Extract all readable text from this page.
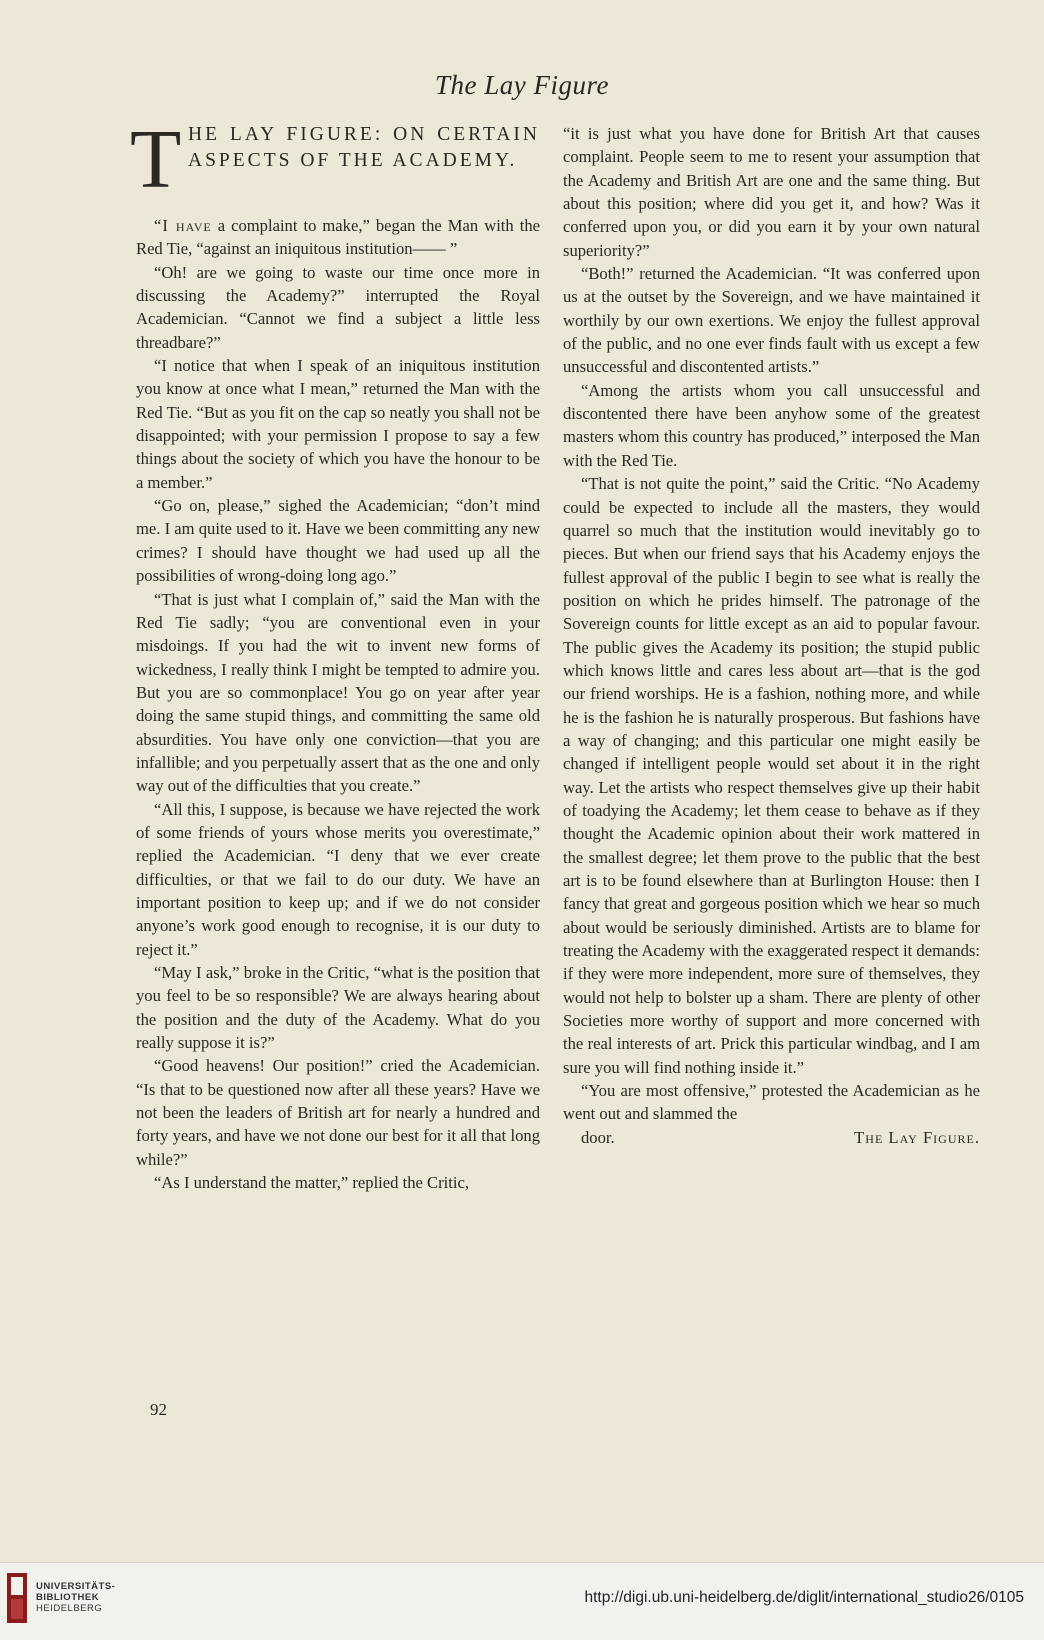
The Lay Figure
T HE LAY FIGURE: ON CERTAIN ASPECTS OF THE ACADEMY.

“I have a complaint to make,” began the Man with the Red Tie, “against an iniquitous institution—— ”

“Oh! are we going to waste our time once more in discussing the Academy?” interrupted the Royal Academician. “Cannot we find a subject a little less threadbare?”

“I notice that when I speak of an iniquitous institution you know at once what I mean,” returned the Man with the Red Tie. “But as you fit on the cap so neatly you shall not be disappointed; with your permission I propose to say a few things about the society of which you have the honour to be a member.”

“Go on, please,” sighed the Academician; “don’t mind me. I am quite used to it. Have we been committing any new crimes? I should have thought we had used up all the possibilities of wrong-doing long ago.”

“That is just what I complain of,” said the Man with the Red Tie sadly; “you are conventional even in your misdoings. If you had the wit to invent new forms of wickedness, I really think I might be tempted to admire you. But you are so commonplace! You go on year after year doing the same stupid things, and committing the same old absurdities. You have only one conviction—that you are infallible; and you perpetually assert that as the one and only way out of the difficulties that you create.”

“All this, I suppose, is because we have rejected the work of some friends of yours whose merits you overestimate,” replied the Academician. “I deny that we ever create difficulties, or that we fail to do our duty. We have an important position to keep up; and if we do not consider anyone’s work good enough to recognise, it is our duty to reject it.”

“May I ask,” broke in the Critic, “what is the position that you feel to be so responsible? We are always hearing about the position and the duty of the Academy. What do you really suppose it is?”

“Good heavens! Our position!” cried the Academician. “Is that to be questioned now after all these years? Have we not been the leaders of British art for nearly a hundred and forty years, and have we not done our best for it all that long while?”

“As I understand the matter,” replied the Critic,

“it is just what you have done for British Art that causes complaint. People seem to me to resent your assumption that the Academy and British Art are one and the same thing. But about this position; where did you get it, and how? Was it conferred upon you, or did you earn it by your own natural superiority?”

“Both!” returned the Academician. “It was conferred upon us at the outset by the Sovereign, and we have maintained it worthily by our own exertions. We enjoy the fullest approval of the public, and no one ever finds fault with us except a few unsuccessful and discontented artists.”

“Among the artists whom you call unsuccessful and discontented there have been anyhow some of the greatest masters whom this country has produced,” interposed the Man with the Red Tie.

“That is not quite the point,” said the Critic. “No Academy could be expected to include all the masters, they would quarrel so much that the institution would inevitably go to pieces. But when our friend says that his Academy enjoys the fullest approval of the public I begin to see what is really the position on which he prides himself. The patronage of the Sovereign counts for little except as an aid to popular favour. The public gives the Academy its position; the stupid public which knows little and cares less about art—that is the god our friend worships. He is a fashion, nothing more, and while he is the fashion he is naturally prosperous. But fashions have a way of changing; and this particular one might easily be changed if intelligent people would set about it in the right way. Let the artists who respect themselves give up their habit of toadying the Academy; let them cease to behave as if they thought the Academic opinion about their work mattered in the smallest degree; let them prove to the public that the best art is to be found elsewhere than at Burlington House: then I fancy that great and gorgeous position which we hear so much about would be seriously diminished. Artists are to blame for treating the Academy with the exaggerated respect it demands: if they were more independent, more sure of themselves, they would not help to bolster up a sham. There are plenty of other Societies more worthy of support and more concerned with the real interests of art. Prick this particular windbag, and I am sure you will find nothing inside it.”

“You are most offensive,” protested the Academician as he went out and slammed the

door.	The Lay Figure.

92
UNIVERSITÄTS-
BIBLIOTHEK
HEIDELBERG
http://digi.ub.uni-heidelberg.de/diglit/international_studio26/0105
